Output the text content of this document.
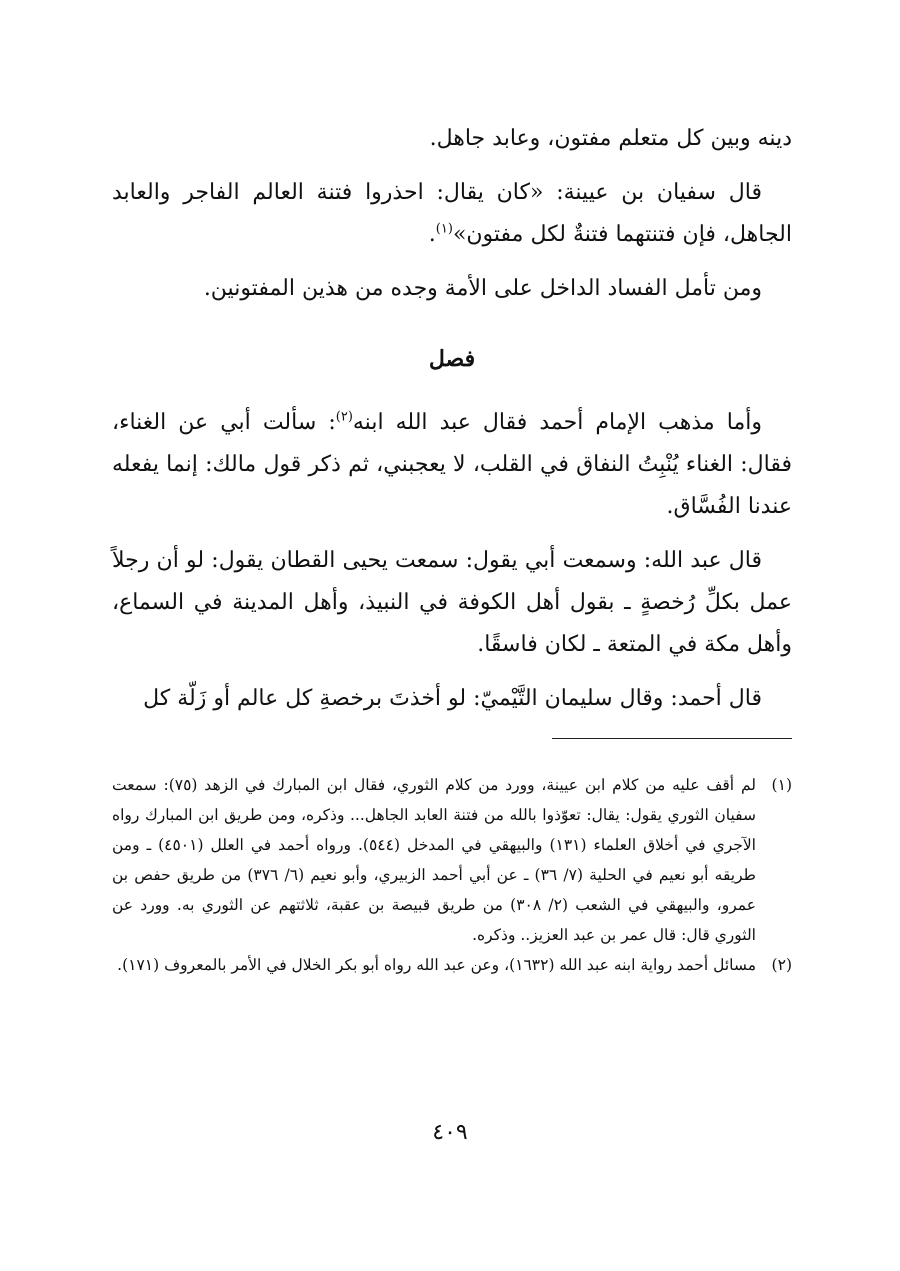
دينه وبين كل متعلم مفتون، وعابد جاهل.

قال سفيان بن عيينة: «كان يقال: احذروا فتنة العالم الفاجر والعابد الجاهل، فإن فتنتهما فتنةٌ لكل مفتون»$^{(١)}$.

ومن تأمل الفساد الداخل على الأمة وجده من هذين المفتونين.

فصل

وأما مذهب الإمام أحمد فقال عبد الله ابنه$^{(٢)}$: سألت أبي عن الغناء، فقال: الغناء يُنْبِتُ النفاق في القلب، لا يعجبني، ثم ذكر قول مالك: إنما يفعله عندنا الفُسَّاق.

قال عبد الله: وسمعت أبي يقول: سمعت يحيى القطان يقول: لو أن رجلاً عمل بكلِّ رُخصةٍ ـ بقول أهل الكوفة في النبيذ، وأهل المدينة في السماع، وأهل مكة في المتعة ـ لكان فاسقًا.

قال أحمد: وقال سليمان التَّيْميّ: لو أخذتَ برخصةِ كل عالم أو زَلّة كل

(١)
لم أقف عليه من كلام ابن عيينة، وورد من كلام الثوري، فقال ابن المبارك في الزهد (٧٥): سمعت سفيان الثوري يقول: يقال: تعوّذوا بالله من فتنة العابد الجاهل... وذكره، ومن طريق ابن المبارك رواه الآجري في أخلاق العلماء (١٣١) والبيهقي في المدخل (٥٤٤). ورواه أحمد في العلل (٤٥٠١) ـ ومن طريقه أبو نعيم في الحلية (٧/ ٣٦) ـ عن أبي أحمد الزبيري، وأبو نعيم (٦/ ٣٧٦) من طريق حفص بن عمرو، والبيهقي في الشعب (٢/ ٣٠٨) من طريق قبيصة بن عقبة، ثلاثتهم عن الثوري به. وورد عن الثوري قال: قال عمر بن عبد العزيز.. وذكره.
(٢)
مسائل أحمد رواية ابنه عبد الله (١٦٣٢)، وعن عبد الله رواه أبو بكر الخلال في الأمر بالمعروف (١٧١).
٤٠٩
